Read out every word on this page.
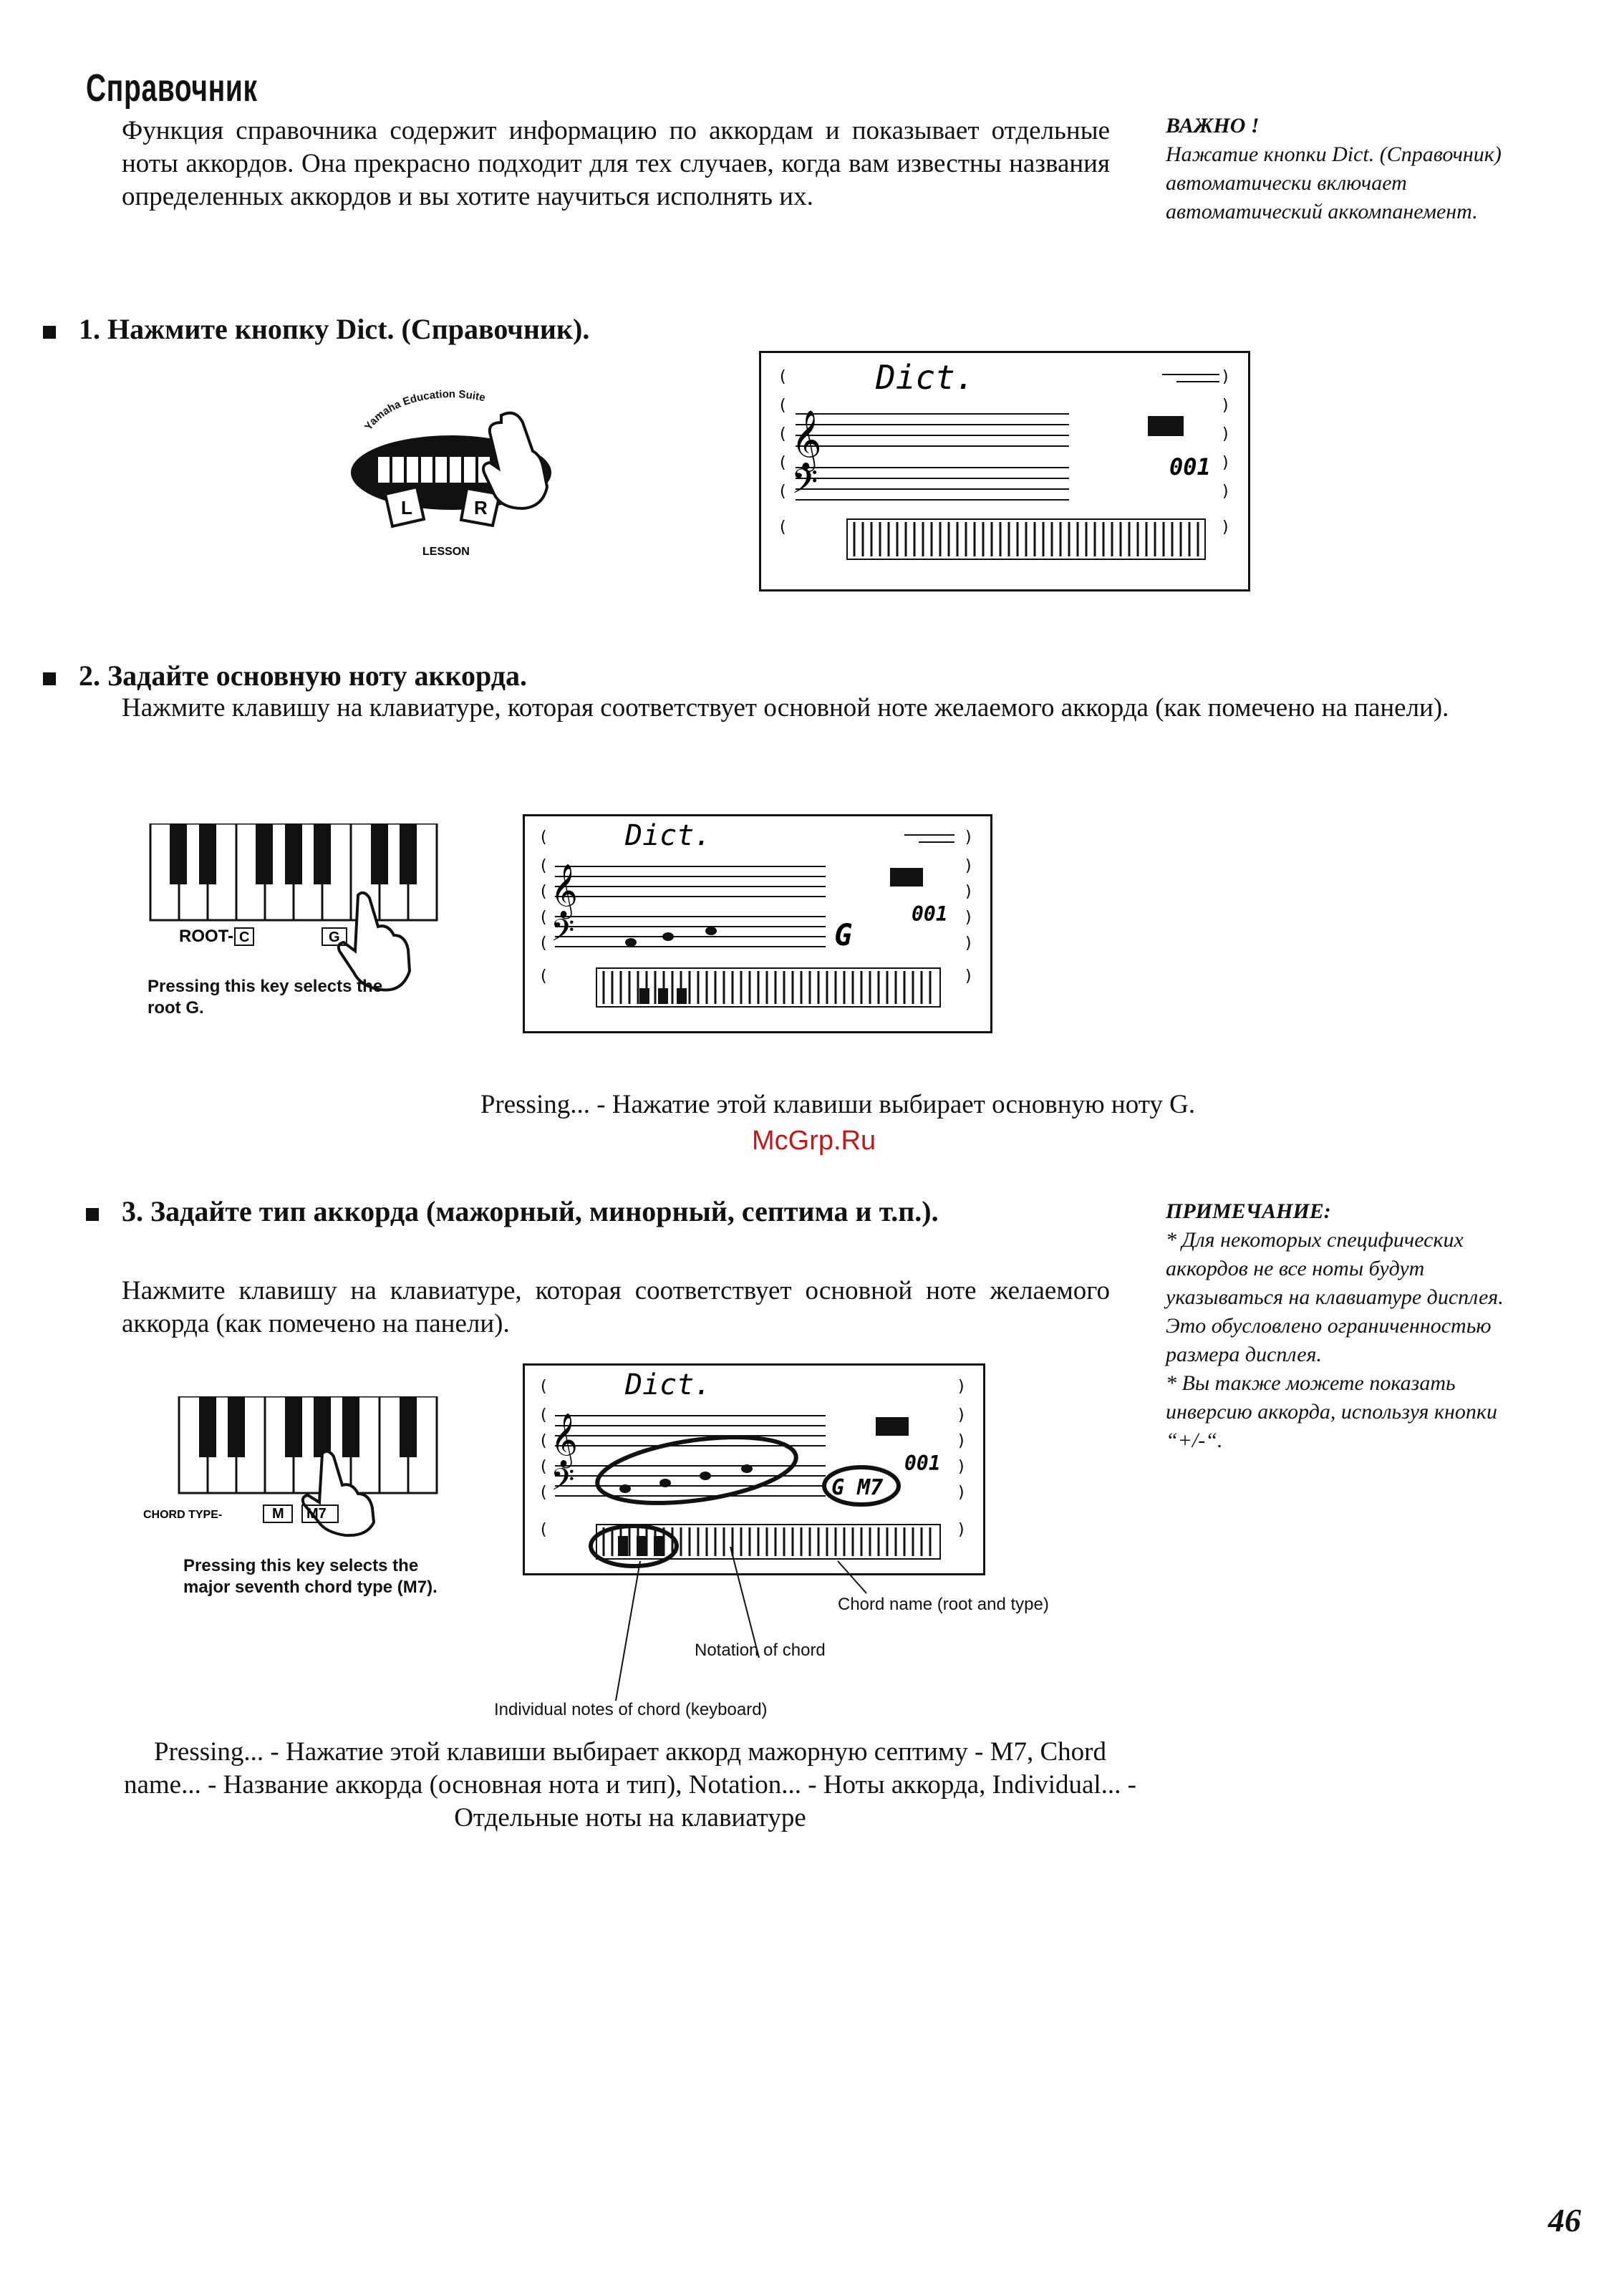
Справочник
Функция справочника содержит информацию по аккордам и показывает отдельные ноты аккордов. Она прекрасно подходит для тех случаев, когда вам известны названия определенных аккордов и вы хотите научиться исполнять их.
ВАЖНО !
Нажатие кнопки Dict. (Справочник) автоматически включает автоматический аккомпанемент.
1. Нажмите кнопку Dict. (Справочник).
Yamaha Education Suite
L	R
LESSON
(
(
(
(
(
(
)
)
)
)
)
)
Dict.
𝄞
𝄢	001
2. Задайте основную ноту аккорда.
Нажмите клавишу на клавиатуре, которая соответствует основной ноте желаемого аккорда (как помечено на панели).
ROOT- C	G
Pressing this key selects the root G.
(
(
(
(
(
(
)
)
)
)
)
)
Dict.
𝄞
𝄢	G
001
Pressing... - Нажатие этой клавиши выбирает основную ноту G.
McGrp.Ru
3. Задайте тип аккорда (мажорный, минорный, септима и т.п.).
Нажмите клавишу на клавиатуре, которая соответствует основной ноте желаемого аккорда (как помечено на панели).
CHORD TYPE-	M M7
Pressing this key selects the major seventh chord type (M7).
(
(
(
(
(
(
)
)
)
)
)
)
Dict.
𝄞
𝄢	G M7
001
Chord name (root and type)
Notation of chord
Individual notes of chord (keyboard)
Pressing... - Нажатие этой клавиши выбирает аккорд мажорную септиму - M7, Chord name... - Название аккорда (основная нота и тип), Notation... - Ноты аккорда, Individual... - Отдельные ноты на клавиатуре
ПРИМЕЧАНИЕ:
* Для некоторых специфических аккордов не все ноты будут указываться на клавиатуре дисплея. Это обусловлено ограниченностью размера дисплея.
* Вы также можете показать инверсию аккорда, используя кнопки “+/-“.
46
